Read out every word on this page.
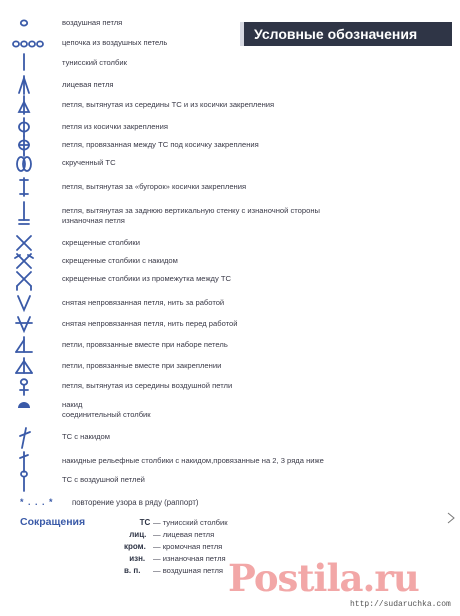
Условные обозначения
воздушная петля
цепочка из воздушных петель
тунисский столбик
лицевая петля
петля, вытянутая из середины ТС и из косички закрепления
петля из косички закрепления
петля, провязанная между ТС под косичку закрепления
скрученный ТС
петля, вытянутая за «бугорок» косички закрепления
петля, вытянутая за заднюю вертикальную стенку с изнаночной стороны
изнаночная петля
скрещенные столбики
скрещенные столбики с накидом
скрещенные столбики из промежутка между ТС
снятая непровязанная петля, нить за работой
снятая непровязанная петля, нить перед работой
петли, провязанные вместе при наборе петель
петли, провязанные вместе при закреплении
петля, вытянутая из середины воздушной петли
накид
соединительный столбик
ТС с накидом
накидные рельефные столбики с накидом,провязанные на 2, 3 ряда ниже
ТС с воздушной петлей
* . . . * повторение узора в ряду (раппорт)
Сокращения	ТС — тунисский столбик
лиц. — лицевая петля
кром. — кромочная петля
изн. — изнаночная петля
в. п. — воздушная петля Postila.ru
http://sudaruchka.com
